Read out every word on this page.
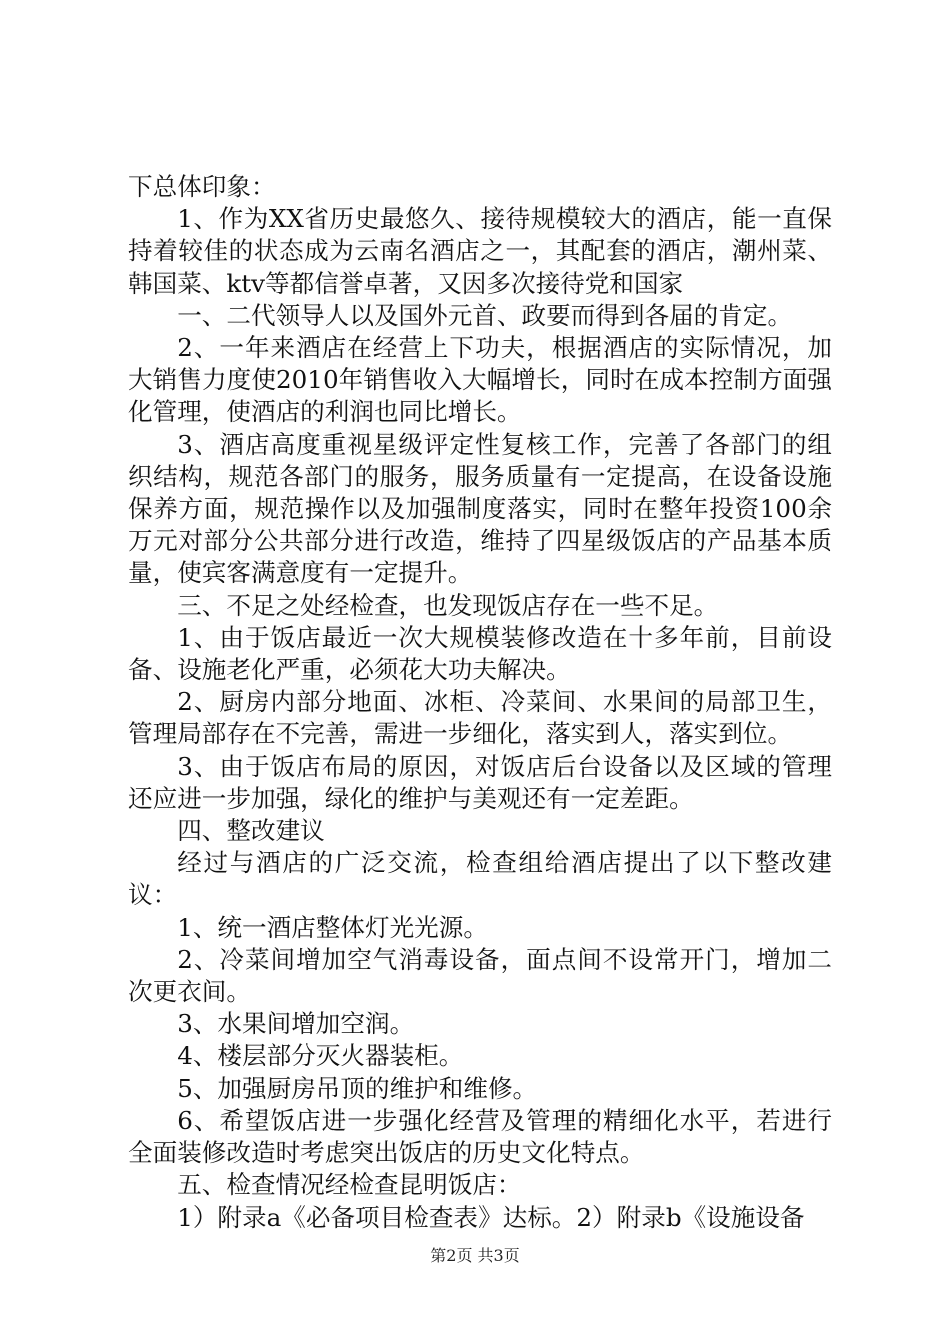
下总体印象：

1、作为XX省历史最悠久、接待规模较大的酒店，能一直保持着较佳的状态成为云南名酒店之一，其配套的酒店，潮州菜、韩国菜、ktv等都信誉卓著，又因多次接待党和国家

一、二代领导人以及国外元首、政要而得到各届的肯定。

2、一年来酒店在经营上下功夫，根据酒店的实际情况，加大销售力度使2010年销售收入大幅增长，同时在成本控制方面强化管理，使酒店的利润也同比增长。

3、酒店高度重视星级评定性复核工作，完善了各部门的组织结构，规范各部门的服务，服务质量有一定提高，在设备设施保养方面，规范操作以及加强制度落实，同时在整年投资100余万元对部分公共部分进行改造，维持了四星级饭店的产品基本质量，使宾客满意度有一定提升。

三、不足之处经检查，也发现饭店存在一些不足。

1、由于饭店最近一次大规模装修改造在十多年前，目前设备、设施老化严重，必须花大功夫解决。

2、厨房内部分地面、冰柜、冷菜间、水果间的局部卫生，管理局部存在不完善，需进一步细化，落实到人，落实到位。

3、由于饭店布局的原因，对饭店后台设备以及区域的管理还应进一步加强，绿化的维护与美观还有一定差距。

四、整改建议

经过与酒店的广泛交流，检查组给酒店提出了以下整改建议：

1、统一酒店整体灯光光源。

2、冷菜间增加空气消毒设备，面点间不设常开门，增加二次更衣间。

3、水果间增加空润。

4、楼层部分灭火器装柜。

5、加强厨房吊顶的维护和维修。

6、希望饭店进一步强化经营及管理的精细化水平，若进行全面装修改造时考虑突出饭店的历史文化特点。

五、检查情况经检查昆明饭店：

1）附录a《必备项目检查表》达标。2）附录b《设施设备

第2页 共3页
